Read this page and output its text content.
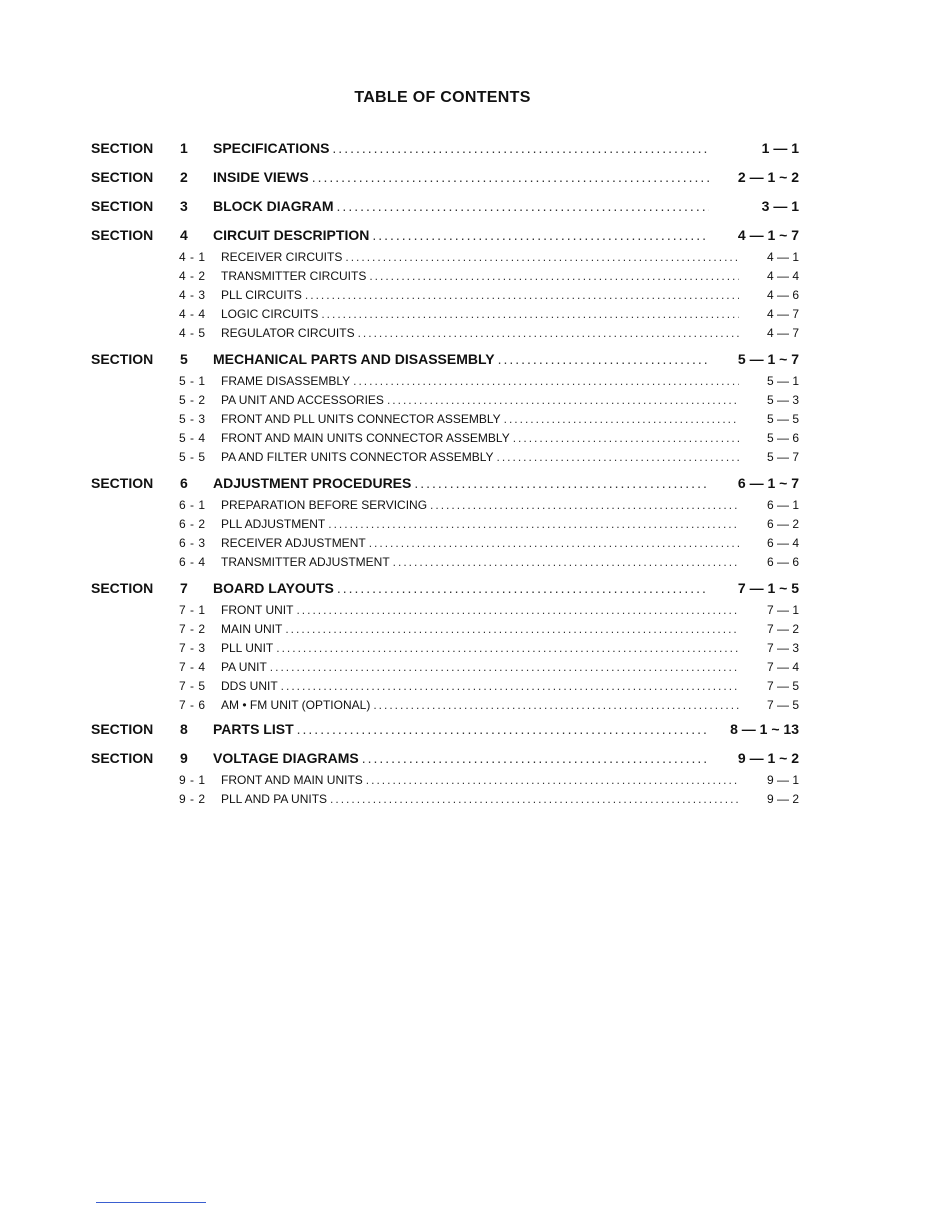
TABLE OF CONTENTS
SECTION	1	SPECIFICATIONS .....	1 — 1
SECTION	2	INSIDE VIEWS .....	2 — 1 ~ 2
SECTION	3	BLOCK DIAGRAM .....	3 — 1
SECTION	4	CIRCUIT DESCRIPTION .....	4 — 1 ~ 7
4 - 1	RECEIVER CIRCUITS .....	4 — 1
4 - 2	TRANSMITTER CIRCUITS .....	4 — 4
4 - 3	PLL CIRCUITS .....	4 — 6
4 - 4	LOGIC CIRCUITS .....	4 — 7
4 - 5	REGULATOR CIRCUITS .....	4 — 7
SECTION	5	MECHANICAL PARTS AND DISASSEMBLY .....	5 — 1 ~ 7
5 - 1	FRAME DISASSEMBLY .....	5 — 1
5 - 2	PA UNIT AND ACCESSORIES .....	5 — 3
5 - 3	FRONT AND PLL UNITS CONNECTOR ASSEMBLY .....	5 — 5
5 - 4	FRONT AND MAIN UNITS CONNECTOR ASSEMBLY .....	5 — 6
5 - 5	PA AND FILTER UNITS CONNECTOR ASSEMBLY .....	5 — 7
SECTION	6	ADJUSTMENT PROCEDURES .....	6 — 1 ~ 7
6 - 1	PREPARATION BEFORE SERVICING .....	6 — 1
6 - 2	PLL ADJUSTMENT .....	6 — 2
6 - 3	RECEIVER ADJUSTMENT .....	6 — 4
6 - 4	TRANSMITTER ADJUSTMENT .....	6 — 6
SECTION	7	BOARD LAYOUTS .....	7 — 1 ~ 5
7 - 1	FRONT UNIT .....	7 — 1
7 - 2	MAIN UNIT .....	7 — 2
7 - 3	PLL UNIT .....	7 — 3
7 - 4	PA UNIT .....	7 — 4
7 - 5	DDS UNIT .....	7 — 5
7 - 6	AM • FM UNIT (OPTIONAL) .....	7 — 5
SECTION	8	PARTS LIST .....	8 — 1 ~ 13
SECTION	9	VOLTAGE DIAGRAMS .....	9 — 1 ~ 2
9 - 1	FRONT AND MAIN UNITS .....	9 — 1
9 - 2	PLL AND PA UNITS .....	9 — 2
